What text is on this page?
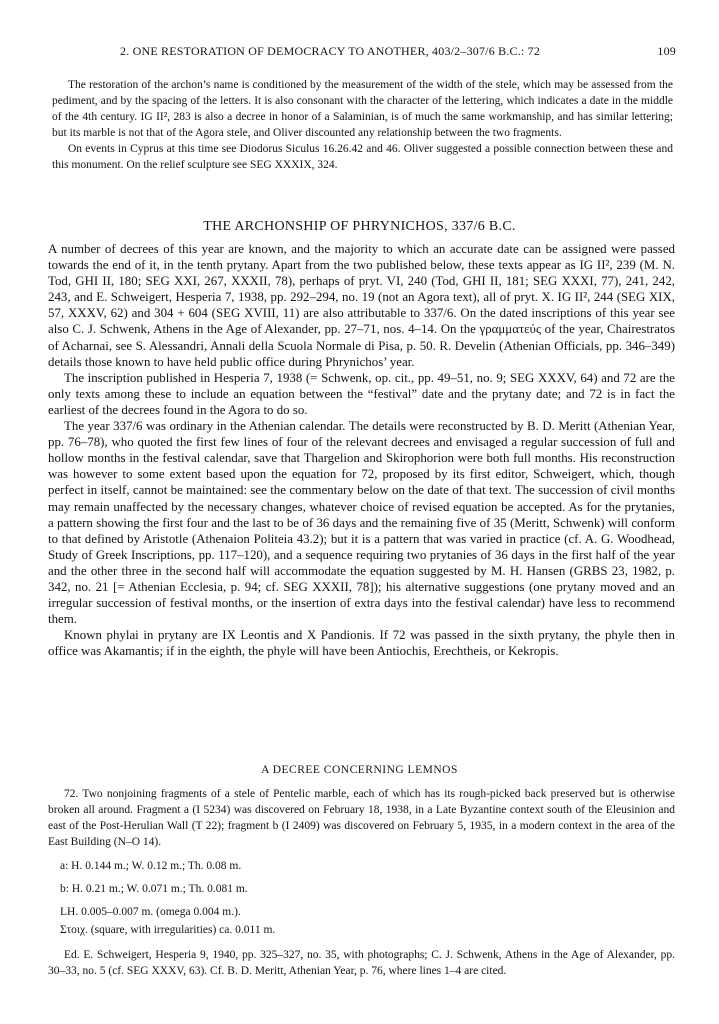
2. ONE RESTORATION OF DEMOCRACY TO ANOTHER, 403/2–307/6 B.C.: 72	109

The restoration of the archon’s name is conditioned by the measurement of the width of the stele, which may be assessed from the pediment, and by the spacing of the letters. It is also consonant with the character of the lettering, which indicates a date in the middle of the 4th century. IG II², 283 is also a decree in honor of a Salaminian, is of much the same workmanship, and has similar lettering; but its marble is not that of the Agora stele, and Oliver discounted any relationship between the two fragments.

On events in Cyprus at this time see Diodorus Siculus 16.26.42 and 46. Oliver suggested a possible connection between these and this monument. On the relief sculpture see SEG XXXIX, 324.

THE ARCHONSHIP OF PHRYNICHOS, 337/6 B.C.

A number of decrees of this year are known, and the majority to which an accurate date can be assigned were passed towards the end of it, in the tenth prytany. Apart from the two published below, these texts appear as IG II², 239 (M. N. Tod, GHI II, 180; SEG XXI, 267, XXXII, 78), perhaps of pryt. VI, 240 (Tod, GHI II, 181; SEG XXXI, 77), 241, 242, 243, and E. Schweigert, Hesperia 7, 1938, pp. 292–294, no. 19 (not an Agora text), all of pryt. X. IG II², 244 (SEG XIX, 57, XXXV, 62) and 304 + 604 (SEG XVIII, 11) are also attributable to 337/6. On the dated inscriptions of this year see also C. J. Schwenk, Athens in the Age of Alexander, pp. 27–71, nos. 4–14. On the γραμματεύς of the year, Chairestratos of Acharnai, see S. Alessandri, Annali della Scuola Normale di Pisa, p. 50. R. Develin (Athenian Officials, pp. 346–349) details those known to have held public office during Phrynichos’ year.

The inscription published in Hesperia 7, 1938 (= Schwenk, op. cit., pp. 49–51, no. 9; SEG XXXV, 64) and 72 are the only texts among these to include an equation between the “festival” date and the prytany date; and 72 is in fact the earliest of the decrees found in the Agora to do so.

The year 337/6 was ordinary in the Athenian calendar. The details were reconstructed by B. D. Meritt (Athenian Year, pp. 76–78), who quoted the first few lines of four of the relevant decrees and envisaged a regular succession of full and hollow months in the festival calendar, save that Thargelion and Skirophorion were both full months. His reconstruction was however to some extent based upon the equation for 72, proposed by its first editor, Schweigert, which, though perfect in itself, cannot be maintained: see the commentary below on the date of that text. The succession of civil months may remain unaffected by the necessary changes, whatever choice of revised equation be accepted. As for the prytanies, a pattern showing the first four and the last to be of 36 days and the remaining five of 35 (Meritt, Schwenk) will conform to that defined by Aristotle (Athenaion Politeia 43.2); but it is a pattern that was varied in practice (cf. A. G. Woodhead, Study of Greek Inscriptions, pp. 117–120), and a sequence requiring two prytanies of 36 days in the first half of the year and the other three in the second half will accommodate the equation suggested by M. H. Hansen (GRBS 23, 1982, p. 342, no. 21 [= Athenian Ecclesia, p. 94; cf. SEG XXXII, 78]); his alternative suggestions (one prytany moved and an irregular succession of festival months, or the insertion of extra days into the festival calendar) have less to recommend them.

Known phylai in prytany are IX Leontis and X Pandionis. If 72 was passed in the sixth prytany, the phyle then in office was Akamantis; if in the eighth, the phyle will have been Antiochis, Erechtheis, or Kekropis.

A DECREE CONCERNING LEMNOS

72. Two nonjoining fragments of a stele of Pentelic marble, each of which has its rough-picked back preserved but is otherwise broken all around. Fragment a (I 5234) was discovered on February 18, 1938, in a Late Byzantine context south of the Eleusinion and east of the Post-Herulian Wall (T 22); fragment b (I 2409) was discovered on February 5, 1935, in a modern context in the area of the East Building (N–O 14).

a: H. 0.144 m.; W. 0.12 m.; Th. 0.08 m.

b: H. 0.21 m.; W. 0.071 m.; Th. 0.081 m.

LH. 0.005–0.007 m. (omega 0.004 m.).

Στοιχ. (square, with irregularities) ca. 0.011 m.

Ed. E. Schweigert, Hesperia 9, 1940, pp. 325–327, no. 35, with photographs; C. J. Schwenk, Athens in the Age of Alexander, pp. 30–33, no. 5 (cf. SEG XXXV, 63). Cf. B. D. Meritt, Athenian Year, p. 76, where lines 1–4 are cited.
